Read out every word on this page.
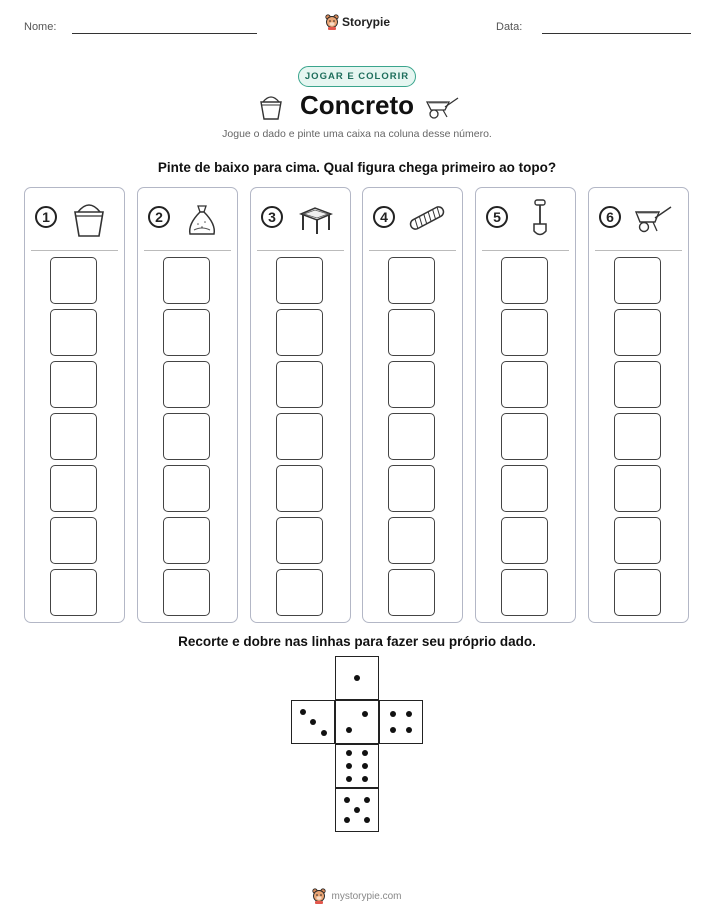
Nome:	Storypie	Data:
JOGAR E COLORIR
Concreto
Jogue o dado e pinte uma caixa na coluna desse número.
Pinte de baixo para cima. Qual figura chega primeiro ao topo?
1	2	3	4	5	6
Recorte e dobre nas linhas para fazer seu próprio dado.
mystorypie.com
